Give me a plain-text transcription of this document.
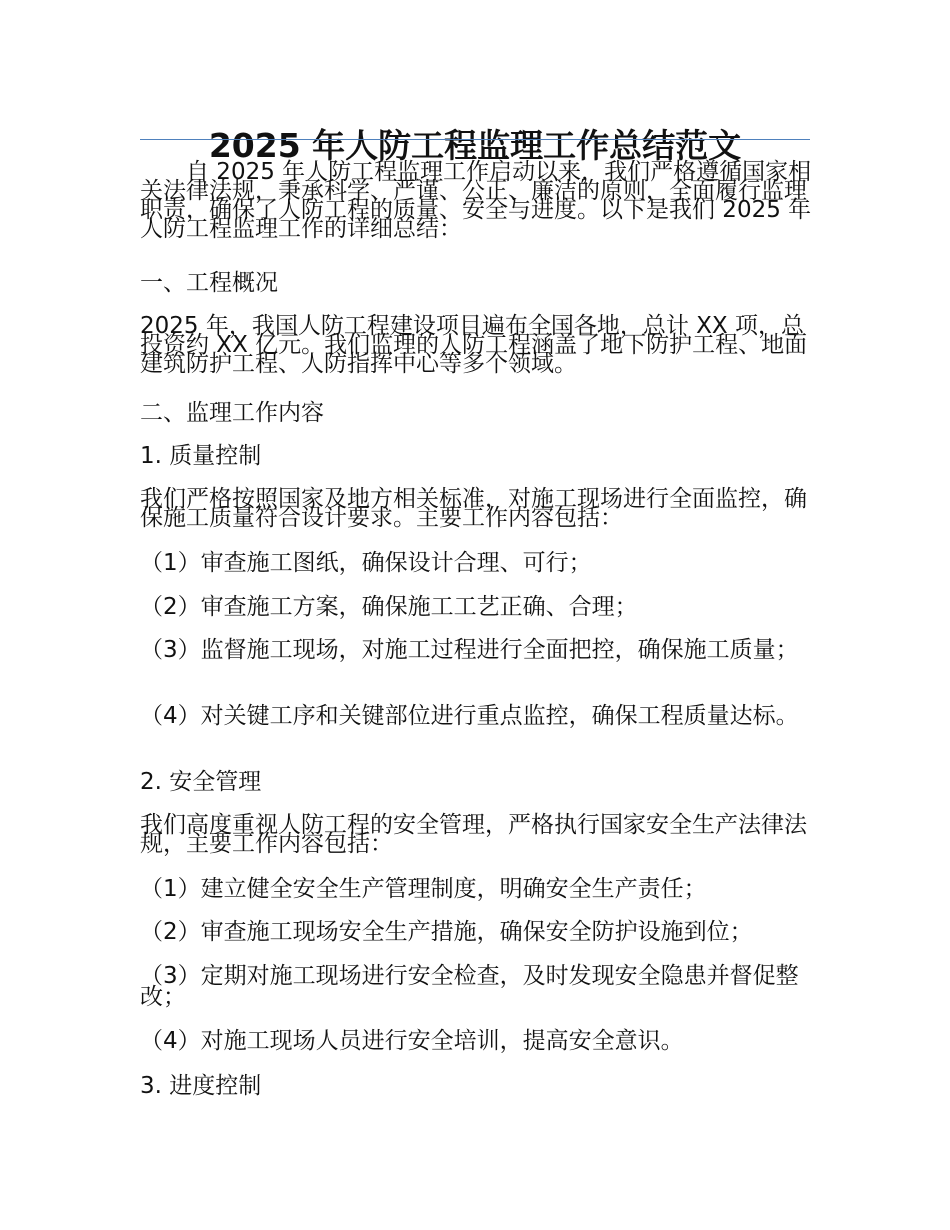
2025 年人防工程监理工作总结范文

自 2025 年人防工程监理工作启动以来，我们严格遵循国家相关法律法规，秉承科学、严谨、公正、廉洁的原则，全面履行监理职责，确保了人防工程的质量、安全与进度。以下是我们 2025 年人防工程监理工作的详细总结：

一、工程概况

2025 年，我国人防工程建设项目遍布全国各地，总计 XX 项，总投资约 XX 亿元。我们监理的人防工程涵盖了地下防护工程、地面建筑防护工程、人防指挥中心等多个领域。

二、监理工作内容

1. 质量控制

我们严格按照国家及地方相关标准，对施工现场进行全面监控，确保施工质量符合设计要求。主要工作内容包括：

（1）审查施工图纸，确保设计合理、可行；

（2）审查施工方案，确保施工工艺正确、合理；

（3）监督施工现场，对施工过程进行全面把控，确保施工质量；

（4）对关键工序和关键部位进行重点监控，确保工程质量达标。

2. 安全管理

我们高度重视人防工程的安全管理，严格执行国家安全生产法律法规，主要工作内容包括：

（1）建立健全安全生产管理制度，明确安全生产责任；

（2）审查施工现场安全生产措施，确保安全防护设施到位；

（3）定期对施工现场进行安全检查，及时发现安全隐患并督促整改；

（4）对施工现场人员进行安全培训，提高安全意识。

3. 进度控制
